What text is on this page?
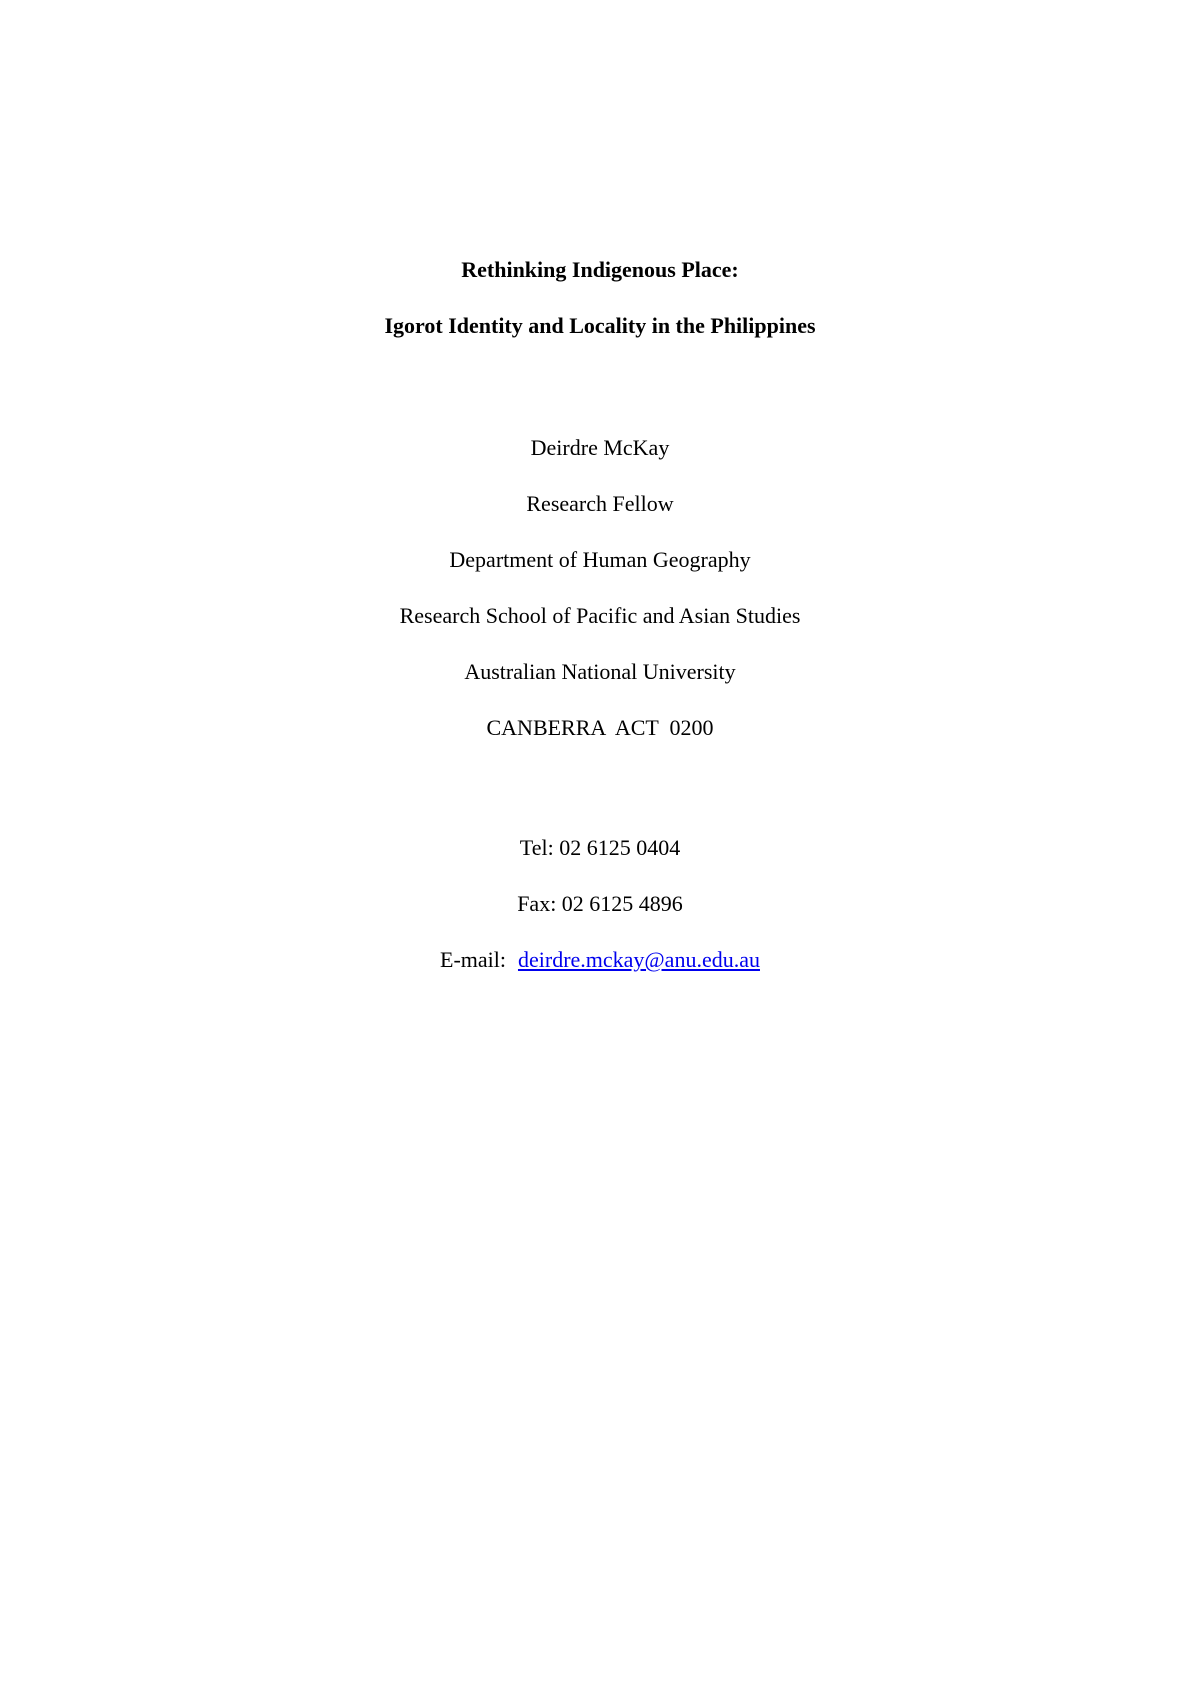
Rethinking Indigenous Place:
Igorot Identity and Locality in the Philippines
Deirdre McKay
Research Fellow
Department of Human Geography
Research School of Pacific and Asian Studies
Australian National University
CANBERRA  ACT  0200
Tel: 02 6125 0404
Fax: 02 6125 4896
E-mail: deirdre.mckay@anu.edu.au
